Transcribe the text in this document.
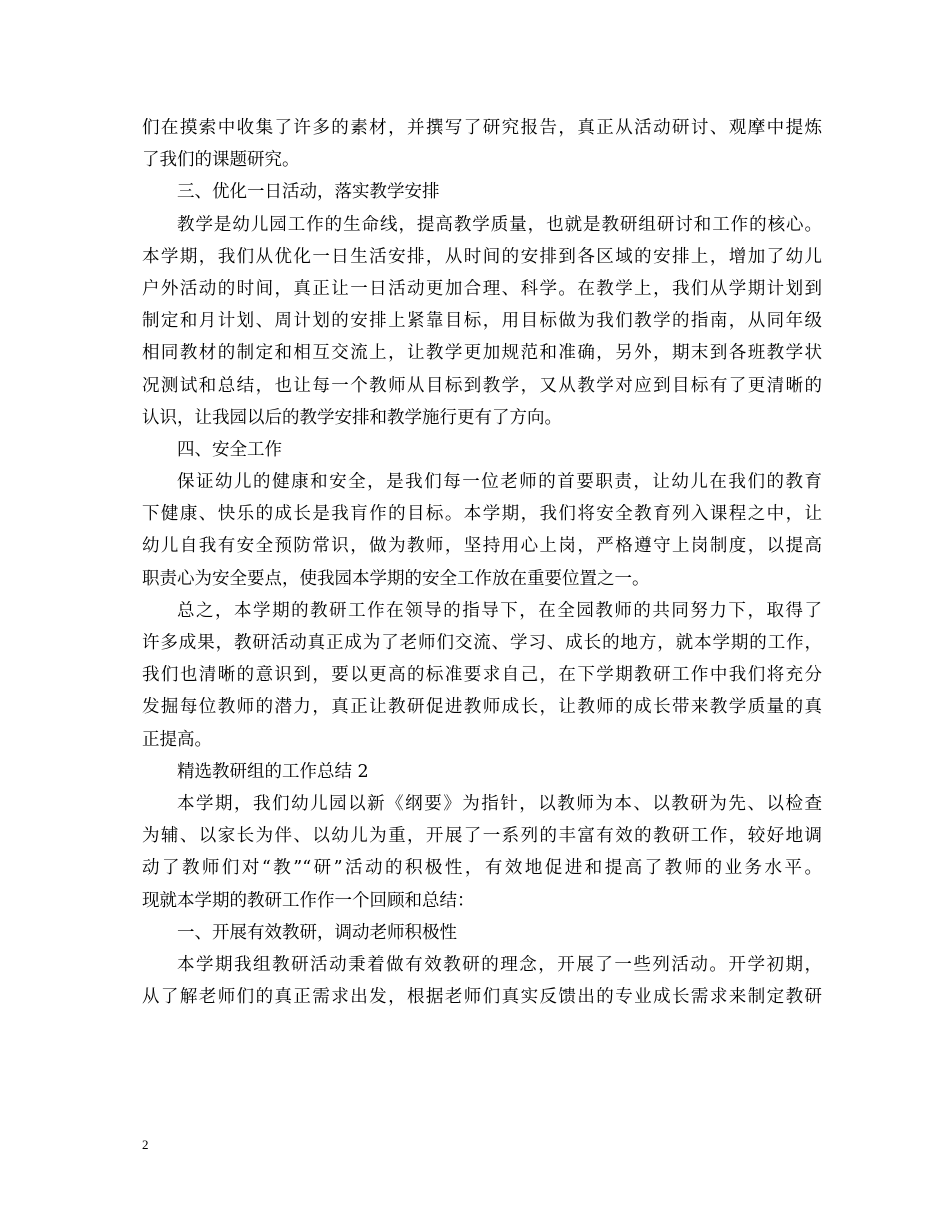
们在摸索中收集了许多的素材，并撰写了研究报告，真正从活动研讨、观摩中提炼
了我们的课题研究。
三、优化一日活动，落实教学安排
教学是幼儿园工作的生命线，提高教学质量，也就是教研组研讨和工作的核心。
本学期，我们从优化一日生活安排，从时间的安排到各区域的安排上，增加了幼儿
户外活动的时间，真正让一日活动更加合理、科学。在教学上，我们从学期计划到
制定和月计划、周计划的安排上紧靠目标，用目标做为我们教学的指南，从同年级
相同教材的制定和相互交流上，让教学更加规范和准确，另外，期末到各班教学状
况测试和总结，也让每一个教师从目标到教学，又从教学对应到目标有了更清晰的
认识，让我园以后的教学安排和教学施行更有了方向。
四、安全工作
保证幼儿的健康和安全，是我们每一位老师的首要职责，让幼儿在我们的教育
下健康、快乐的成长是我肓作的目标。本学期，我们将安全教育列入课程之中，让
幼儿自我有安全预防常识，做为教师，坚持用心上岗，严格遵守上岗制度，以提高
职责心为安全要点，使我园本学期的安全工作放在重要位置之一。
总之，本学期的教研工作在领导的指导下，在全园教师的共同努力下，取得了
许多成果，教研活动真正成为了老师们交流、学习、成长的地方，就本学期的工作，
我们也清晰的意识到，要以更高的标准要求自己，在下学期教研工作中我们将充分
发掘每位教师的潜力，真正让教研促进教师成长，让教师的成长带来教学质量的真
正提高。
精选教研组的工作总结 2
本学期，我们幼儿园以新《纲要》为指针，以教师为本、以教研为先、以检查
为辅、以家长为伴、以幼儿为重，开展了一系列的丰富有效的教研工作，较好地调
动了教师们对“教”“研”活动的积极性，有效地促进和提高了教师的业务水平。
现就本学期的教研工作作一个回顾和总结：
一、开展有效教研，调动老师积极性
本学期我组教研活动秉着做有效教研的理念，开展了一些列活动。开学初期，
从了解老师们的真正需求出发，根据老师们真实反馈出的专业成长需求来制定教研
2
